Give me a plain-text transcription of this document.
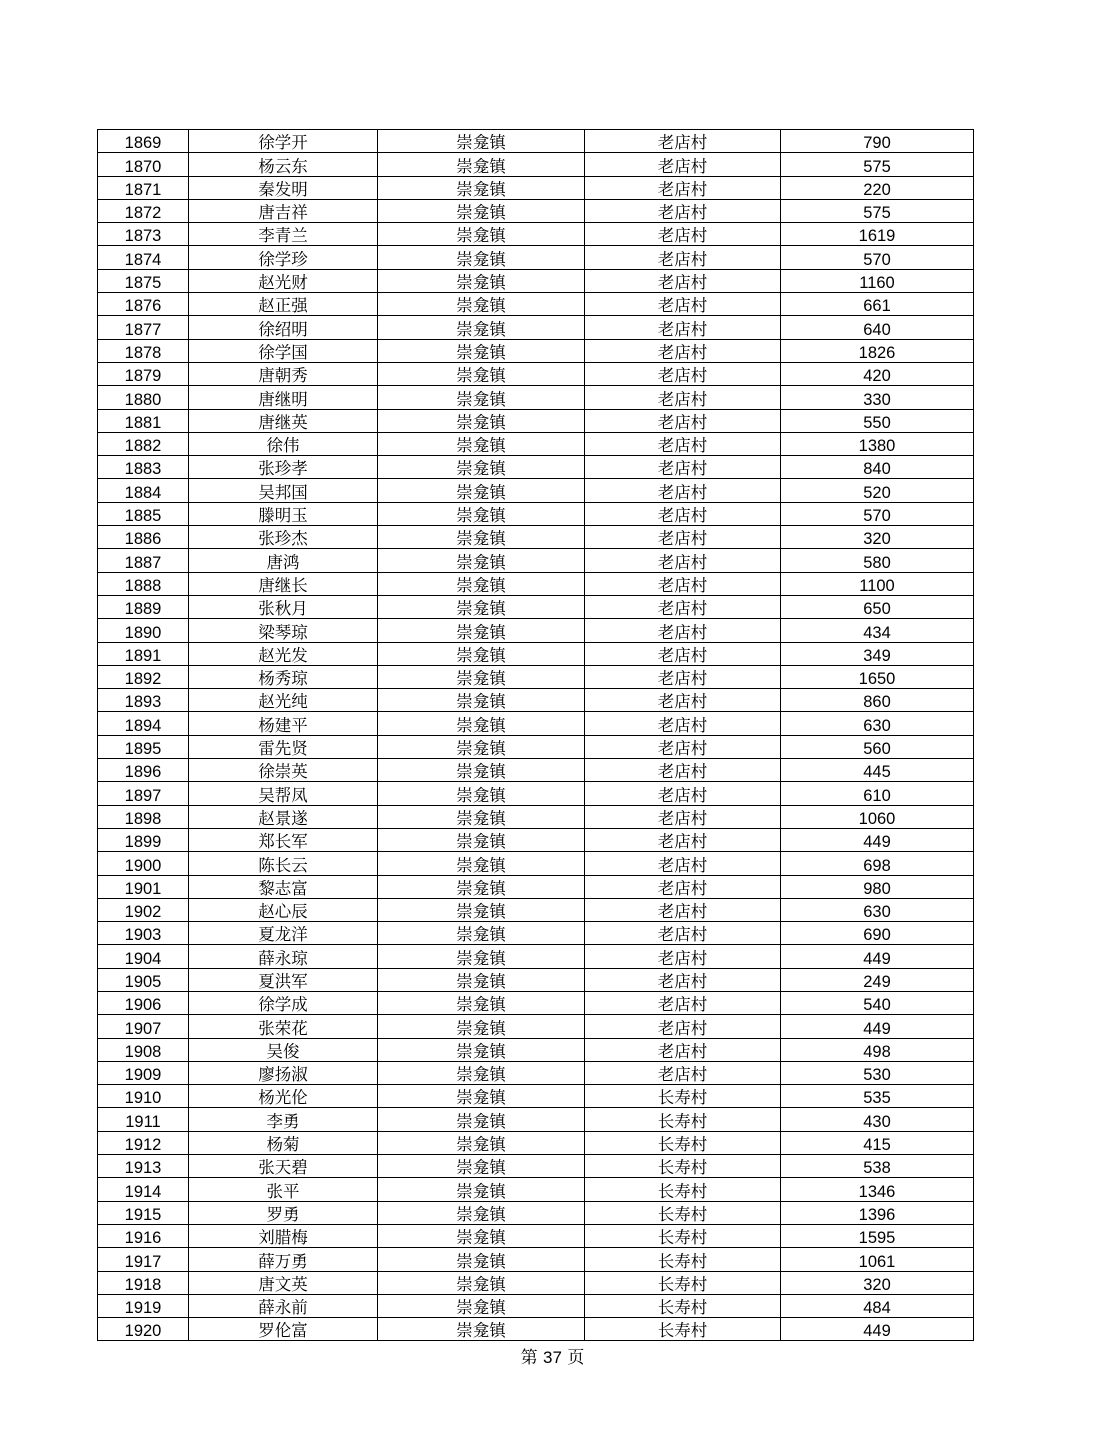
1869	徐学开	崇龛镇	老店村	790
1870	杨云东	崇龛镇	老店村	575
1871	秦发明	崇龛镇	老店村	220
1872	唐吉祥	崇龛镇	老店村	575
1873	李青兰	崇龛镇	老店村	1619
1874	徐学珍	崇龛镇	老店村	570
1875	赵光财	崇龛镇	老店村	1160
1876	赵正强	崇龛镇	老店村	661
1877	徐绍明	崇龛镇	老店村	640
1878	徐学国	崇龛镇	老店村	1826
1879	唐朝秀	崇龛镇	老店村	420
1880	唐继明	崇龛镇	老店村	330
1881	唐继英	崇龛镇	老店村	550
1882	徐伟	崇龛镇	老店村	1380
1883	张珍孝	崇龛镇	老店村	840
1884	吴邦国	崇龛镇	老店村	520
1885	滕明玉	崇龛镇	老店村	570
1886	张珍杰	崇龛镇	老店村	320
1887	唐鸿	崇龛镇	老店村	580
1888	唐继长	崇龛镇	老店村	1100
1889	张秋月	崇龛镇	老店村	650
1890	梁琴琼	崇龛镇	老店村	434
1891	赵光发	崇龛镇	老店村	349
1892	杨秀琼	崇龛镇	老店村	1650
1893	赵光纯	崇龛镇	老店村	860
1894	杨建平	崇龛镇	老店村	630
1895	雷先贤	崇龛镇	老店村	560
1896	徐崇英	崇龛镇	老店村	445
1897	吴帮凤	崇龛镇	老店村	610
1898	赵景遂	崇龛镇	老店村	1060
1899	郑长军	崇龛镇	老店村	449
1900	陈长云	崇龛镇	老店村	698
1901	黎志富	崇龛镇	老店村	980
1902	赵心辰	崇龛镇	老店村	630
1903	夏龙洋	崇龛镇	老店村	690
1904	薛永琼	崇龛镇	老店村	449
1905	夏洪军	崇龛镇	老店村	249
1906	徐学成	崇龛镇	老店村	540
1907	张荣花	崇龛镇	老店村	449
1908	吴俊	崇龛镇	老店村	498
1909	廖扬淑	崇龛镇	老店村	530
1910	杨光伦	崇龛镇	长寿村	535
1911	李勇	崇龛镇	长寿村	430
1912	杨菊	崇龛镇	长寿村	415
1913	张天碧	崇龛镇	长寿村	538
1914	张平	崇龛镇	长寿村	1346
1915	罗勇	崇龛镇	长寿村	1396
1916	刘腊梅	崇龛镇	长寿村	1595
1917	薛万勇	崇龛镇	长寿村	1061
1918	唐文英	崇龛镇	长寿村	320
1919	薛永前	崇龛镇	长寿村	484
1920	罗伦富	崇龛镇	长寿村	449
第 37 页
